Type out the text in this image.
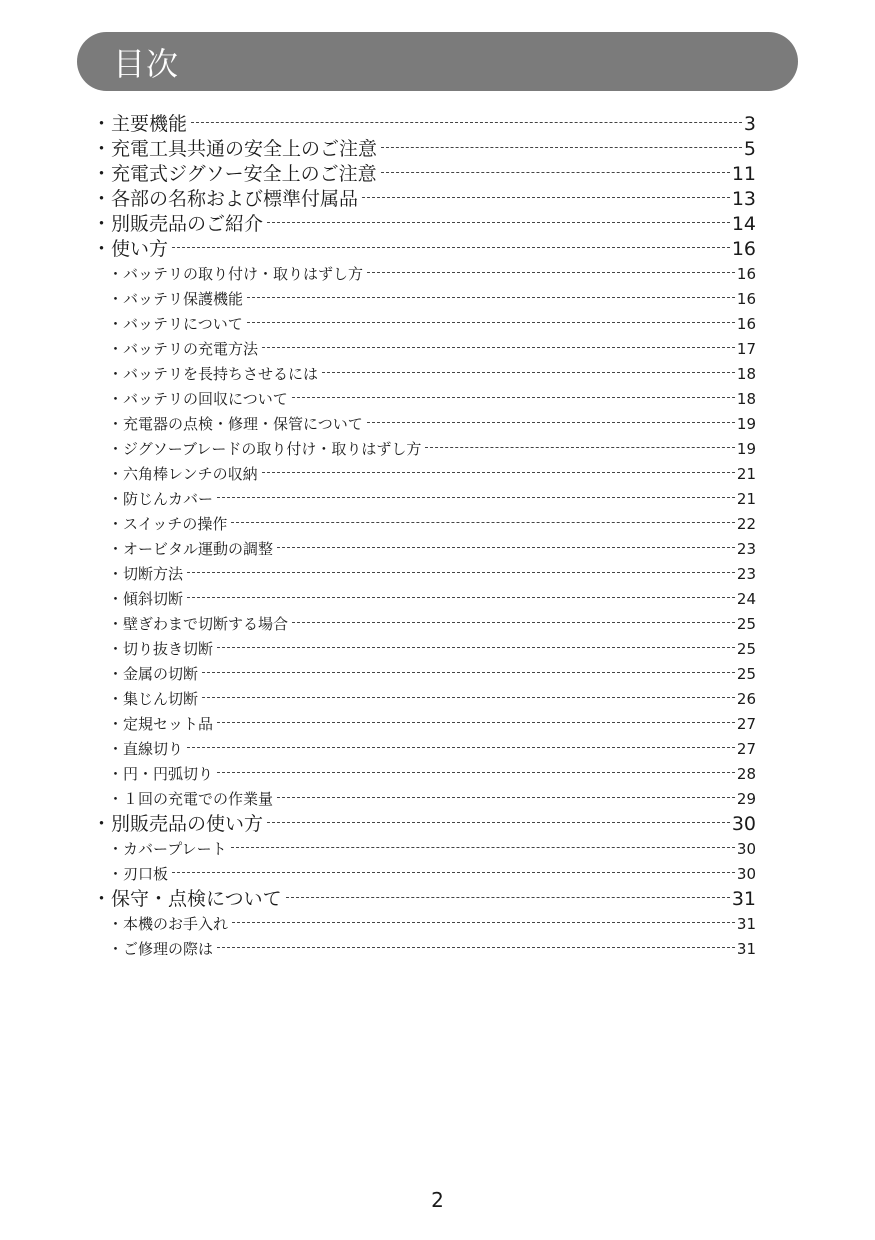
目次
・主要機能	3
・充電工具共通の安全上のご注意	5
・充電式ジグソー安全上のご注意	11
・各部の名称および標準付属品	13
・別販売品のご紹介	14
・使い方	16
・バッテリの取り付け・取りはずし方	16
・バッテリ保護機能	16
・バッテリについて	16
・バッテリの充電方法	17
・バッテリを長持ちさせるには	18
・バッテリの回収について	18
・充電器の点検・修理・保管について	19
・ジグソーブレードの取り付け・取りはずし方	19
・六角棒レンチの収納	21
・防じんカバー	21
・スイッチの操作	22
・オービタル運動の調整	23
・切断方法	23
・傾斜切断	24
・壁ぎわまで切断する場合	25
・切り抜き切断	25
・金属の切断	25
・集じん切断	26
・定規セット品	27
・直線切り	27
・円・円弧切り	28
・１回の充電での作業量	29
・別販売品の使い方	30
・カバープレート	30
・刃口板	30
・保守・点検について	31
・本機のお手入れ	31
・ご修理の際は	31
2
